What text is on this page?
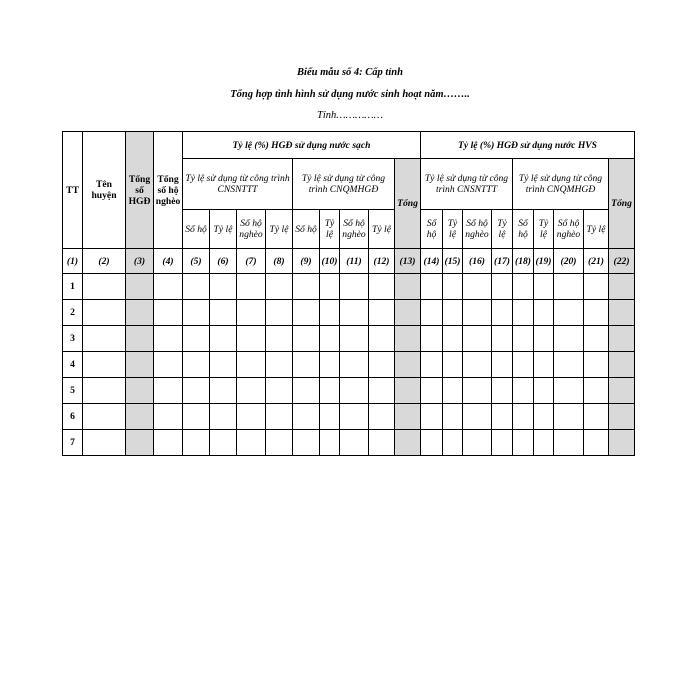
Biểu mẫu số 4: Cấp tỉnh
Tổng hợp tình hình sử dụng nước sinh hoạt năm……..
Tỉnh……………
TT	Tên huyện	Tổng số HGĐ	Tổng số hộ nghèo	Tỷ lệ (%) HGĐ sử dụng nước sạch									Tỷ lệ (%) HGĐ sử dụng nước HVS								
				Tỷ lệ sử dụng từ công trình CNSNTTT				Tỷ lệ sử dụng từ công trình CNQMHGĐ				Tổng	Tỷ lệ sử dụng từ công trình CNSNTTT				Tỷ lệ sử dụng từ công trình CNQMHGĐ				Tổng
				Số hộ	Tỷ lệ	Số hộ nghèo	Tỷ lệ	Số hộ	Tỷ lệ	Số hộ nghèo	Tỷ lệ		Số hộ	Tỷ lệ	Số hộ nghèo	Tỷ lệ	Số hộ	Tỷ lệ	Số hộ nghèo	Tỷ lệ	
(1)	(2)	(3)	(4)	(5)	(6)	(7)	(8)	(9)	(10)	(11)	(12)	(13)	(14)	(15)	(16)	(17)	(18)	(19)	(20)	(21)	(22)
1																					
2																					
3																					
4																					
5																					
6																					
7																					
